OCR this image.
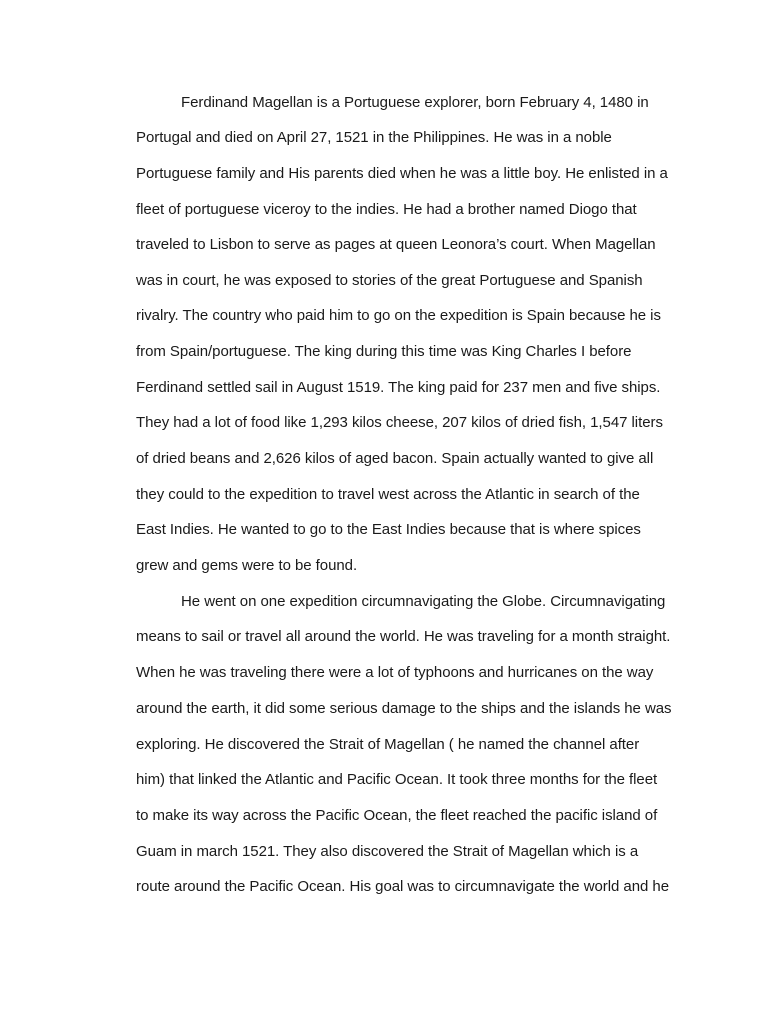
Ferdinand Magellan is a Portuguese explorer, born February 4, 1480 in
Portugal and died on April 27, 1521 in the Philippines. He was in a noble
Portuguese family and His parents died when he was a little boy. He enlisted in a
fleet of portuguese viceroy to the indies. He had a brother named Diogo that
traveled to Lisbon to serve as pages at queen Leonora’s court. When Magellan
was in court, he was exposed to stories of the great Portuguese and Spanish
rivalry. The country who paid him to go on the expedition is Spain because he is
from Spain/portuguese. The king during this time was King Charles I before
Ferdinand settled sail in August 1519. The king paid for 237 men and five ships.
They had a lot of food like 1,293 kilos cheese, 207 kilos of dried fish, 1,547 liters
of dried beans and 2,626 kilos of aged bacon. Spain actually wanted to give all
they could to the expedition to travel west across the Atlantic in search of the
East Indies. He wanted to go to the East Indies because that is where spices
grew and gems were to be found.
He went on one expedition circumnavigating the Globe. Circumnavigating
means to sail or travel all around the world. He was traveling for a month straight.
When he was traveling there were a lot of typhoons and hurricanes on the way
around the earth, it did some serious damage to the ships and the islands he was
exploring. He discovered the Strait of Magellan ( he named the channel after
him) that linked the Atlantic and Pacific Ocean. It took three months for the fleet
to make its way across the Pacific Ocean, the fleet reached the pacific island of
Guam in march 1521. They also discovered the Strait of Magellan which is a
route around the Pacific Ocean. His goal was to circumnavigate the world and he
